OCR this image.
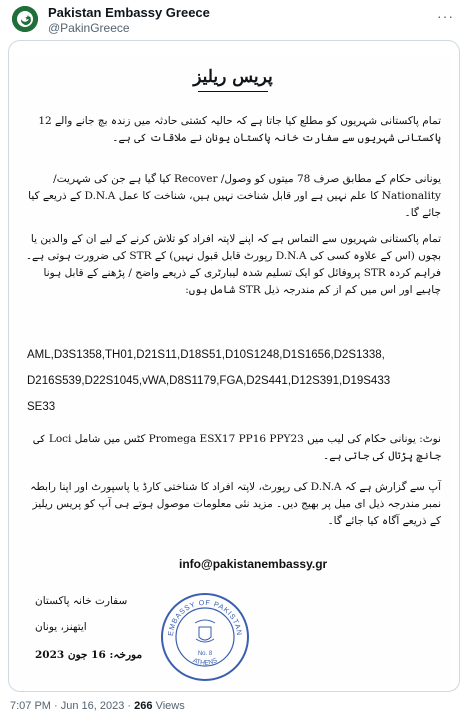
Pakistan Embassy Greece
@PakinGreece
···
پریس ریلیز
تمام پاکستانی شہریوں کو مطلع کیا جاتا ہے کہ حالیہ کشتی حادثہ میں زندہ بچ جانے والے 12 پاکستانی شہریوں سے سفارت خانہ پاکستان یونان نے ملاقات کی ہے۔
یونانی حکام کے مطابق صرف 78 میتوں کو وصول/ Recover کیا گیا ہے جن کی شہریت/ Nationality کا علم نہیں ہے اور قابل شناخت نہیں ہیں، شناخت کا عمل D.N.A کے ذریعے کیا جائے گا۔
تمام پاکستانی شہریوں سے التماس ہے کہ اپنے لاپتہ افراد کو تلاش کرنے کے لیے ان کے والدین یا بچوں (اس کے علاوہ کسی کی D.N.A رپورٹ قابل قبول نہیں) کے STR کی ضرورت ہوتی ہے۔ فراہم کردہ STR پروفائل کو ایک تسلیم شدہ لیبارٹری کے ذریعے واضح / پڑھنے کے قابل ہونا چاہیے اور اس میں کم از کم مندرجہ ذیل STR شامل ہوں:
AML,D3S1358,TH01,D21S11,D18S51,D10S1248,D1S1656,D2S1338,
D216S539,D22S1045,vWA,D8S1179,FGA,D2S441,D12S391,D19S433
SE33
نوٹ: یونانی حکام کی لیب میں Promega ESX17 PP16 PPY23 کٹس میں شامل Loci کی جانچ پڑتال کی جاتی ہے۔
آپ سے گزارش ہے کہ D.N.A کی رپورٹ، لاپتہ افراد کا شناختی کارڈ یا پاسپورٹ اور اپنا رابطہ نمبر مندرجہ ذیل ای میل پر بھیج دیں۔ مزید نئی معلومات موصول ہوتے ہی آپ کو پریس ریلیز کے ذریعے آگاہ کیا جائے گا۔
info@pakistanembassy.gr
سفارت خانہ پاکستان
ایتھنز، یونان
مورخہ: 16 جون 2023
EMBASSY OF PAKISTAN
ATHENS
No. 8
7:07 PM · Jun 16, 2023 · 266 Views
